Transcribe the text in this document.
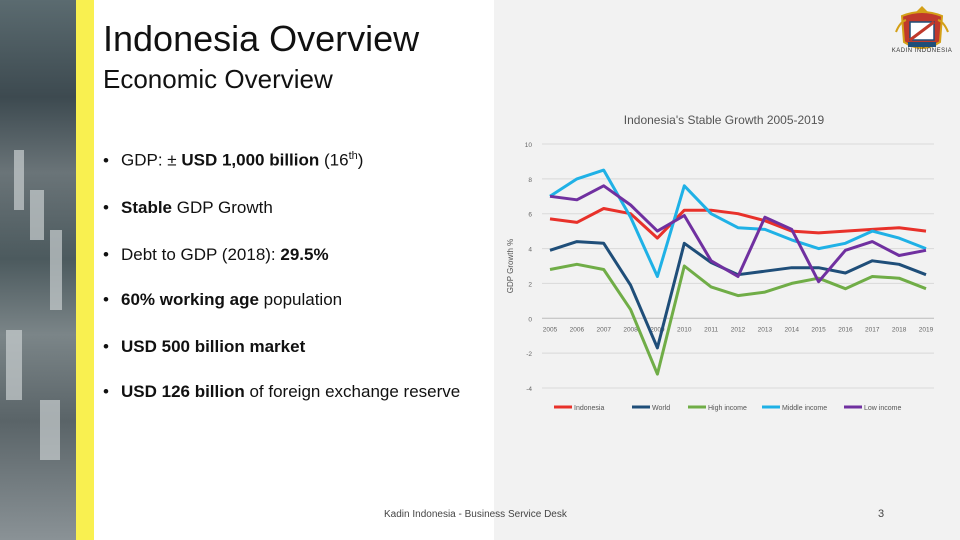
Indonesia Overview
Economic Overview
• GDP: ± USD 1,000 billion (16th)
• Stable GDP Growth
• Debt to GDP (2018): 29.5%
• 60% working age population
• USD 500 billion market
• USD 126 billion of foreign exchange reserve
KADIN INDONESIA
Indonesia's Stable Growth 2005-2019
10
8
6
4
2
0
-2
-4
GDP Growth %
2005 2006 2007 2008 2009 2010 2011 2012 2013 2014 2015 2016 2017 2018 2019
Indonesia	World	High income	Middle income	Low income
Kadin Indonesia - Business Service Desk	3
